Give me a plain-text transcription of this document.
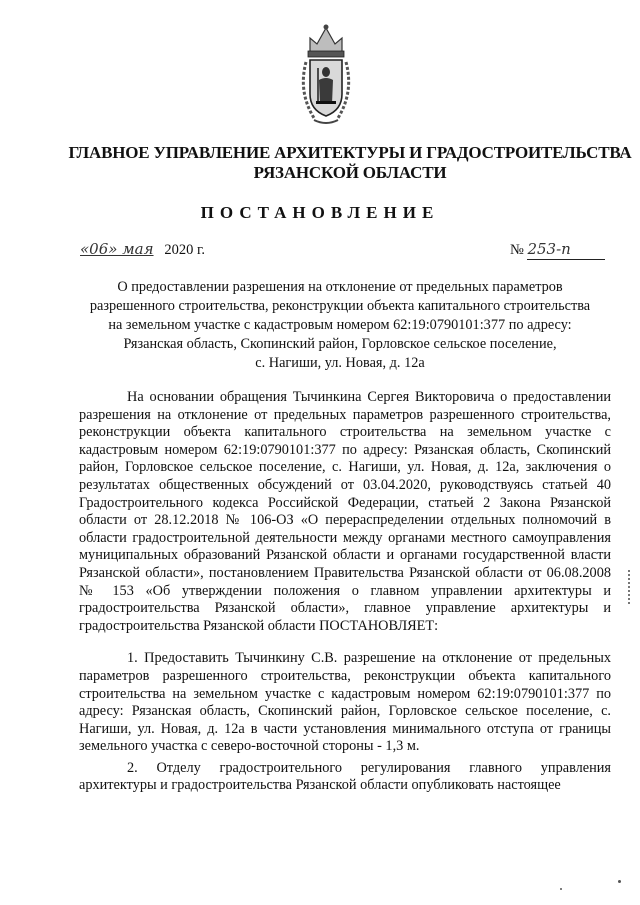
ГЛАВНОЕ УПРАВЛЕНИЕ АРХИТЕКТУРЫ И ГРАДОСТРОИТЕЛЬСТВА
РЯЗАНСКОЙ ОБЛАСТИ
ПОСТАНОВЛЕНИЕ
«06» мая 2020 г.	№ 253-п
О предоставлении разрешения на отклонение от предельных параметров
разрешенного строительства, реконструкции объекта капитального строительства
на земельном участке с кадастровым номером 62:19:0790101:377 по адресу:
Рязанская область, Скопинский район, Горловское сельское поселение,
с. Нагиши, ул. Новая, д. 12а

На основании обращения Тычинкина Сергея Викторовича о предоставлении разрешения на отклонение от предельных параметров разрешенного строительства, реконструкции объекта капитального строительства на земельном участке с кадастровым номером 62:19:0790101:377 по адресу: Рязанская область, Скопинский район, Горловское сельское поселение, с. Нагиши, ул. Новая, д. 12а, заключения о результатах общественных обсуждений от 03.04.2020, руководствуясь статьей 40 Градостроительного кодекса Российской Федерации, статьей 2 Закона Рязанской области от 28.12.2018 № 106-ОЗ «О перераспределении отдельных полномочий в области градостроительной деятельности между органами местного самоуправления муниципальных образований Рязанской области и органами государственной власти Рязанской области», постановлением Правительства Рязанской области от 06.08.2008 № 153 «Об утверждении положения о главном управлении архитектуры и градостроительства Рязанской области», главное управление архитектуры и градостроительства Рязанской области ПОСТАНОВЛЯЕТ:

1. Предоставить Тычинкину С.В. разрешение на отклонение от предельных параметров разрешенного строительства, реконструкции объекта капитального строительства на земельном участке с кадастровым номером 62:19:0790101:377 по адресу: Рязанская область, Скопинский район, Горловское сельское поселение, с. Нагиши, ул. Новая, д. 12а в части установления минимального отступа от границы земельного участка с северо-восточной стороны - 1,3 м.

2. Отделу градостроительного регулирования главного управления архитектуры и градостроительства Рязанской области опубликовать настоящее
